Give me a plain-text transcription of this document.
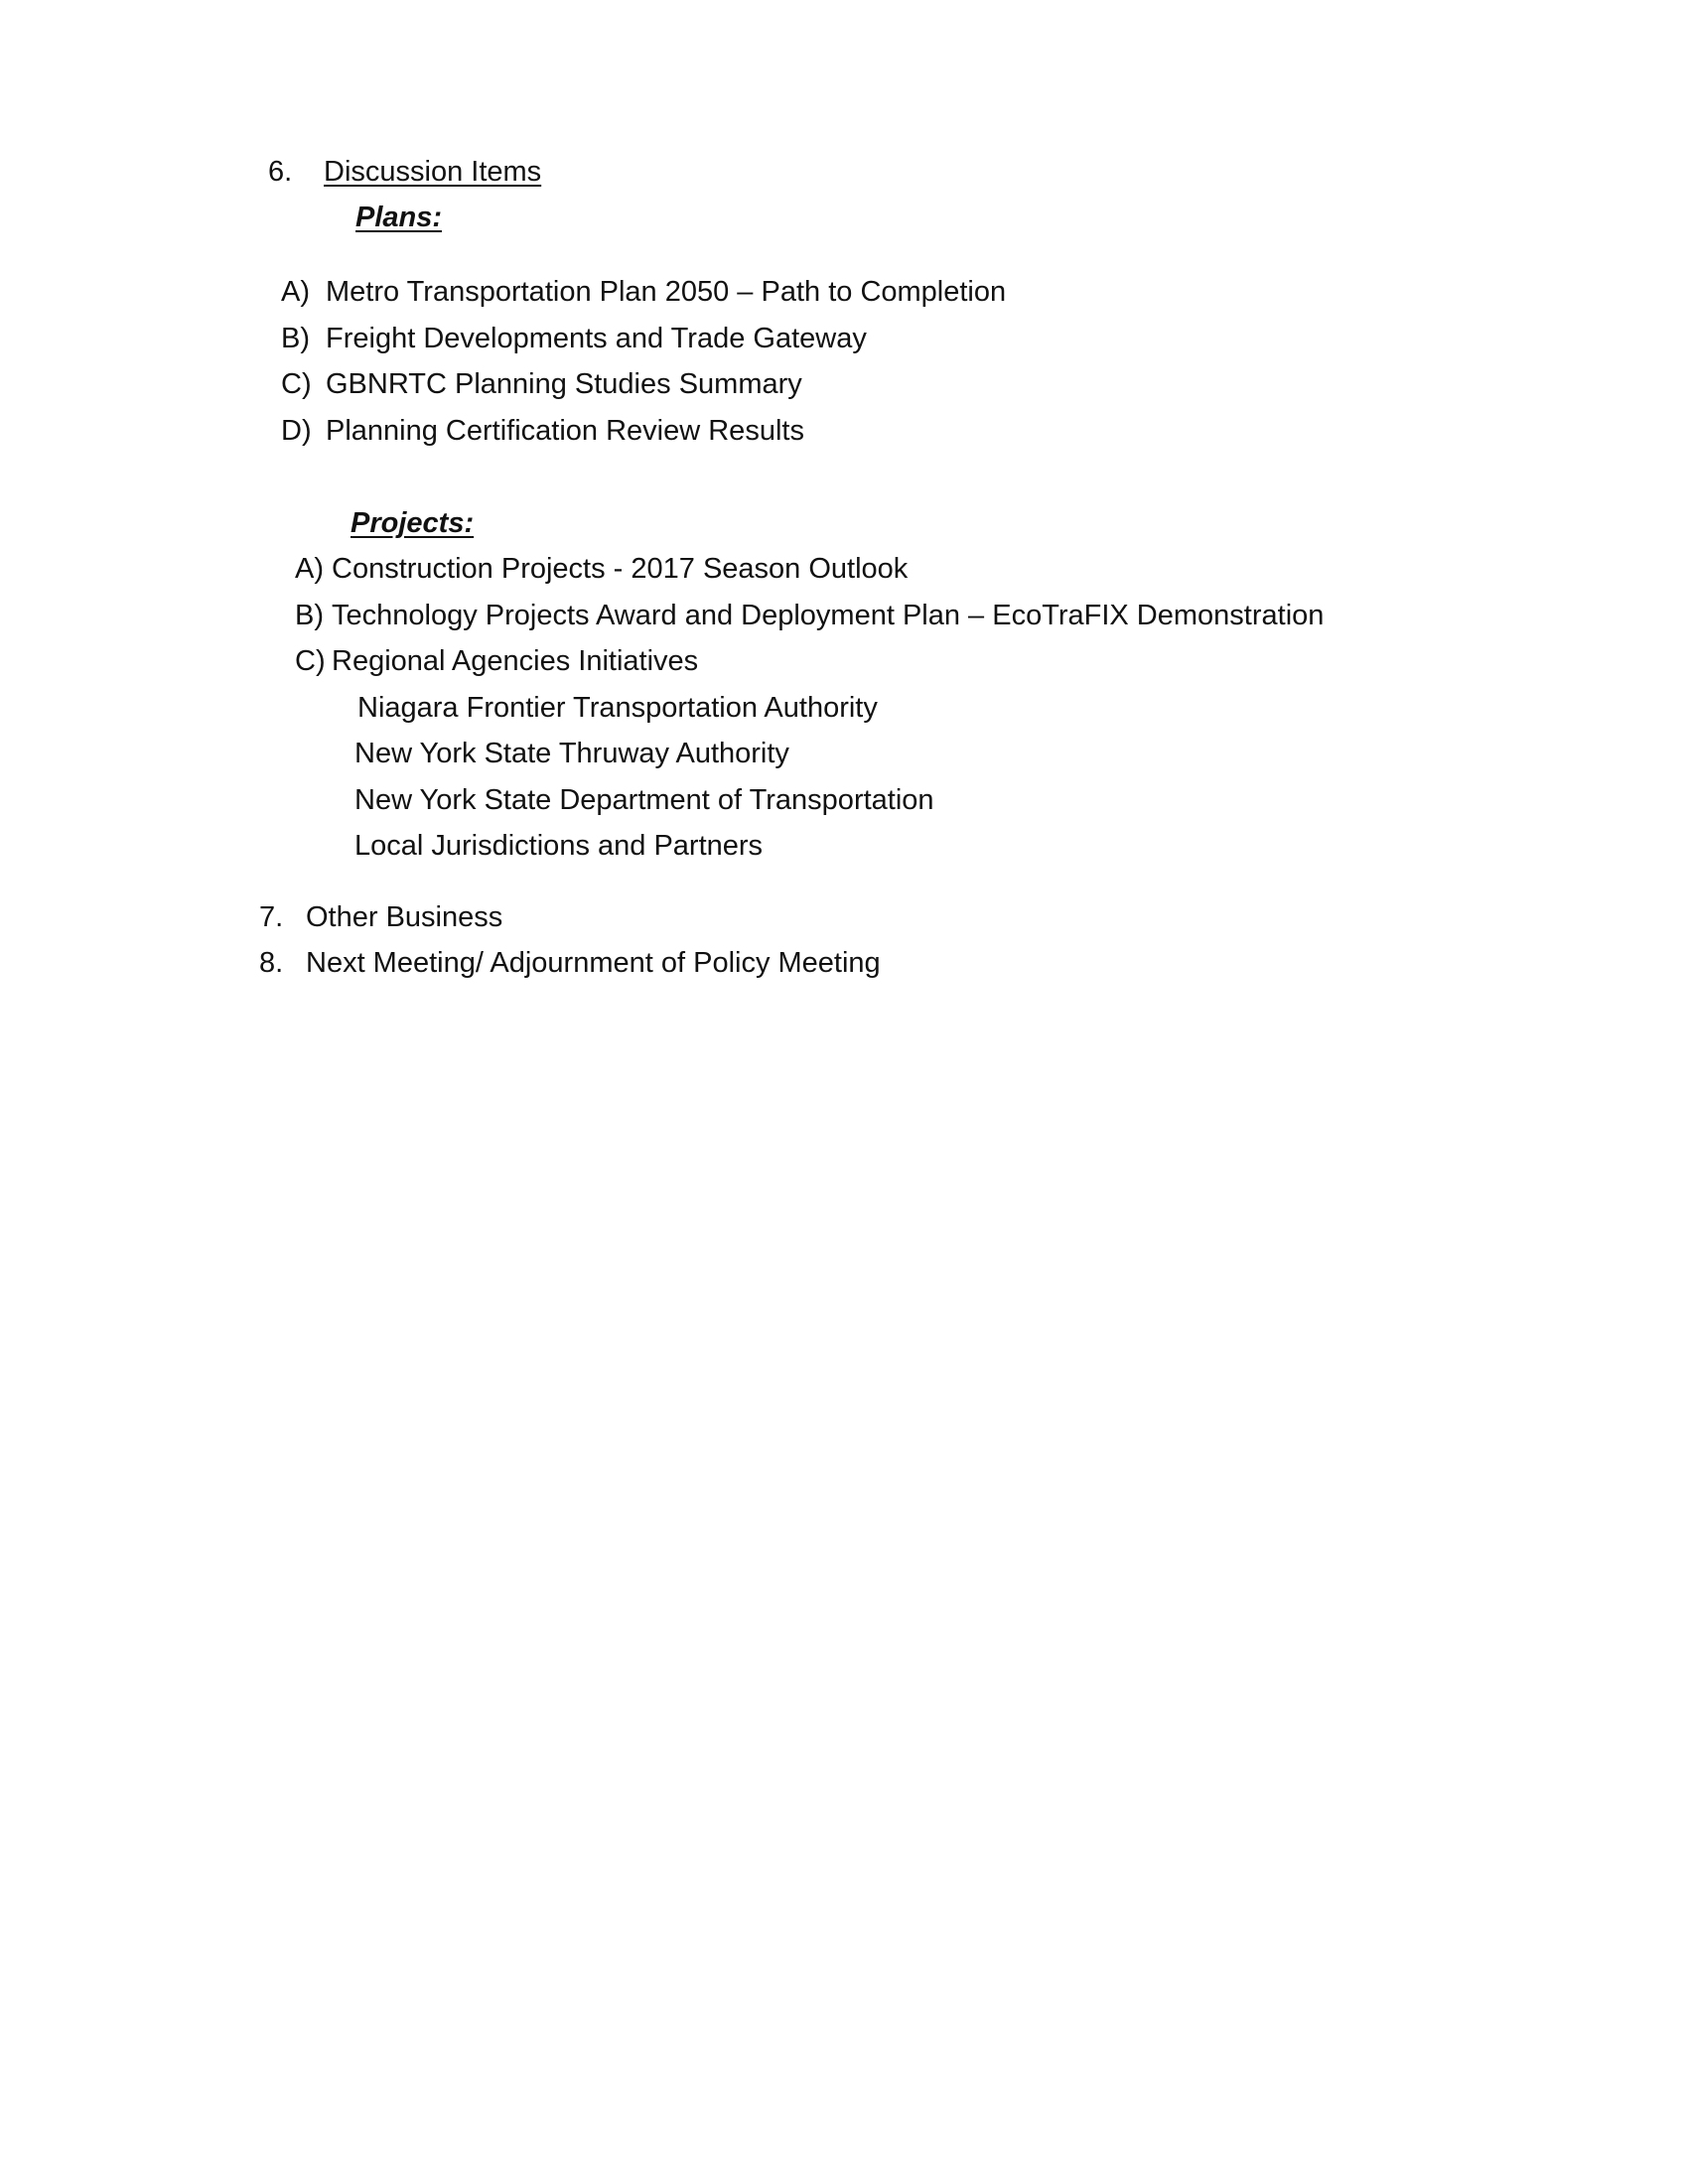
6. Discussion Items
Plans:
A) Metro Transportation Plan 2050 – Path to Completion
B) Freight Developments and Trade Gateway
C) GBNRTC Planning Studies Summary
D) Planning Certification Review Results
Projects:
A) Construction Projects - 2017 Season Outlook
B) Technology Projects Award and Deployment Plan – EcoTraFIX Demonstration
C) Regional Agencies Initiatives
Niagara Frontier Transportation Authority
New York State Thruway Authority
New York State Department of Transportation
Local Jurisdictions and Partners
7. Other Business
8. Next Meeting/ Adjournment of Policy Meeting
